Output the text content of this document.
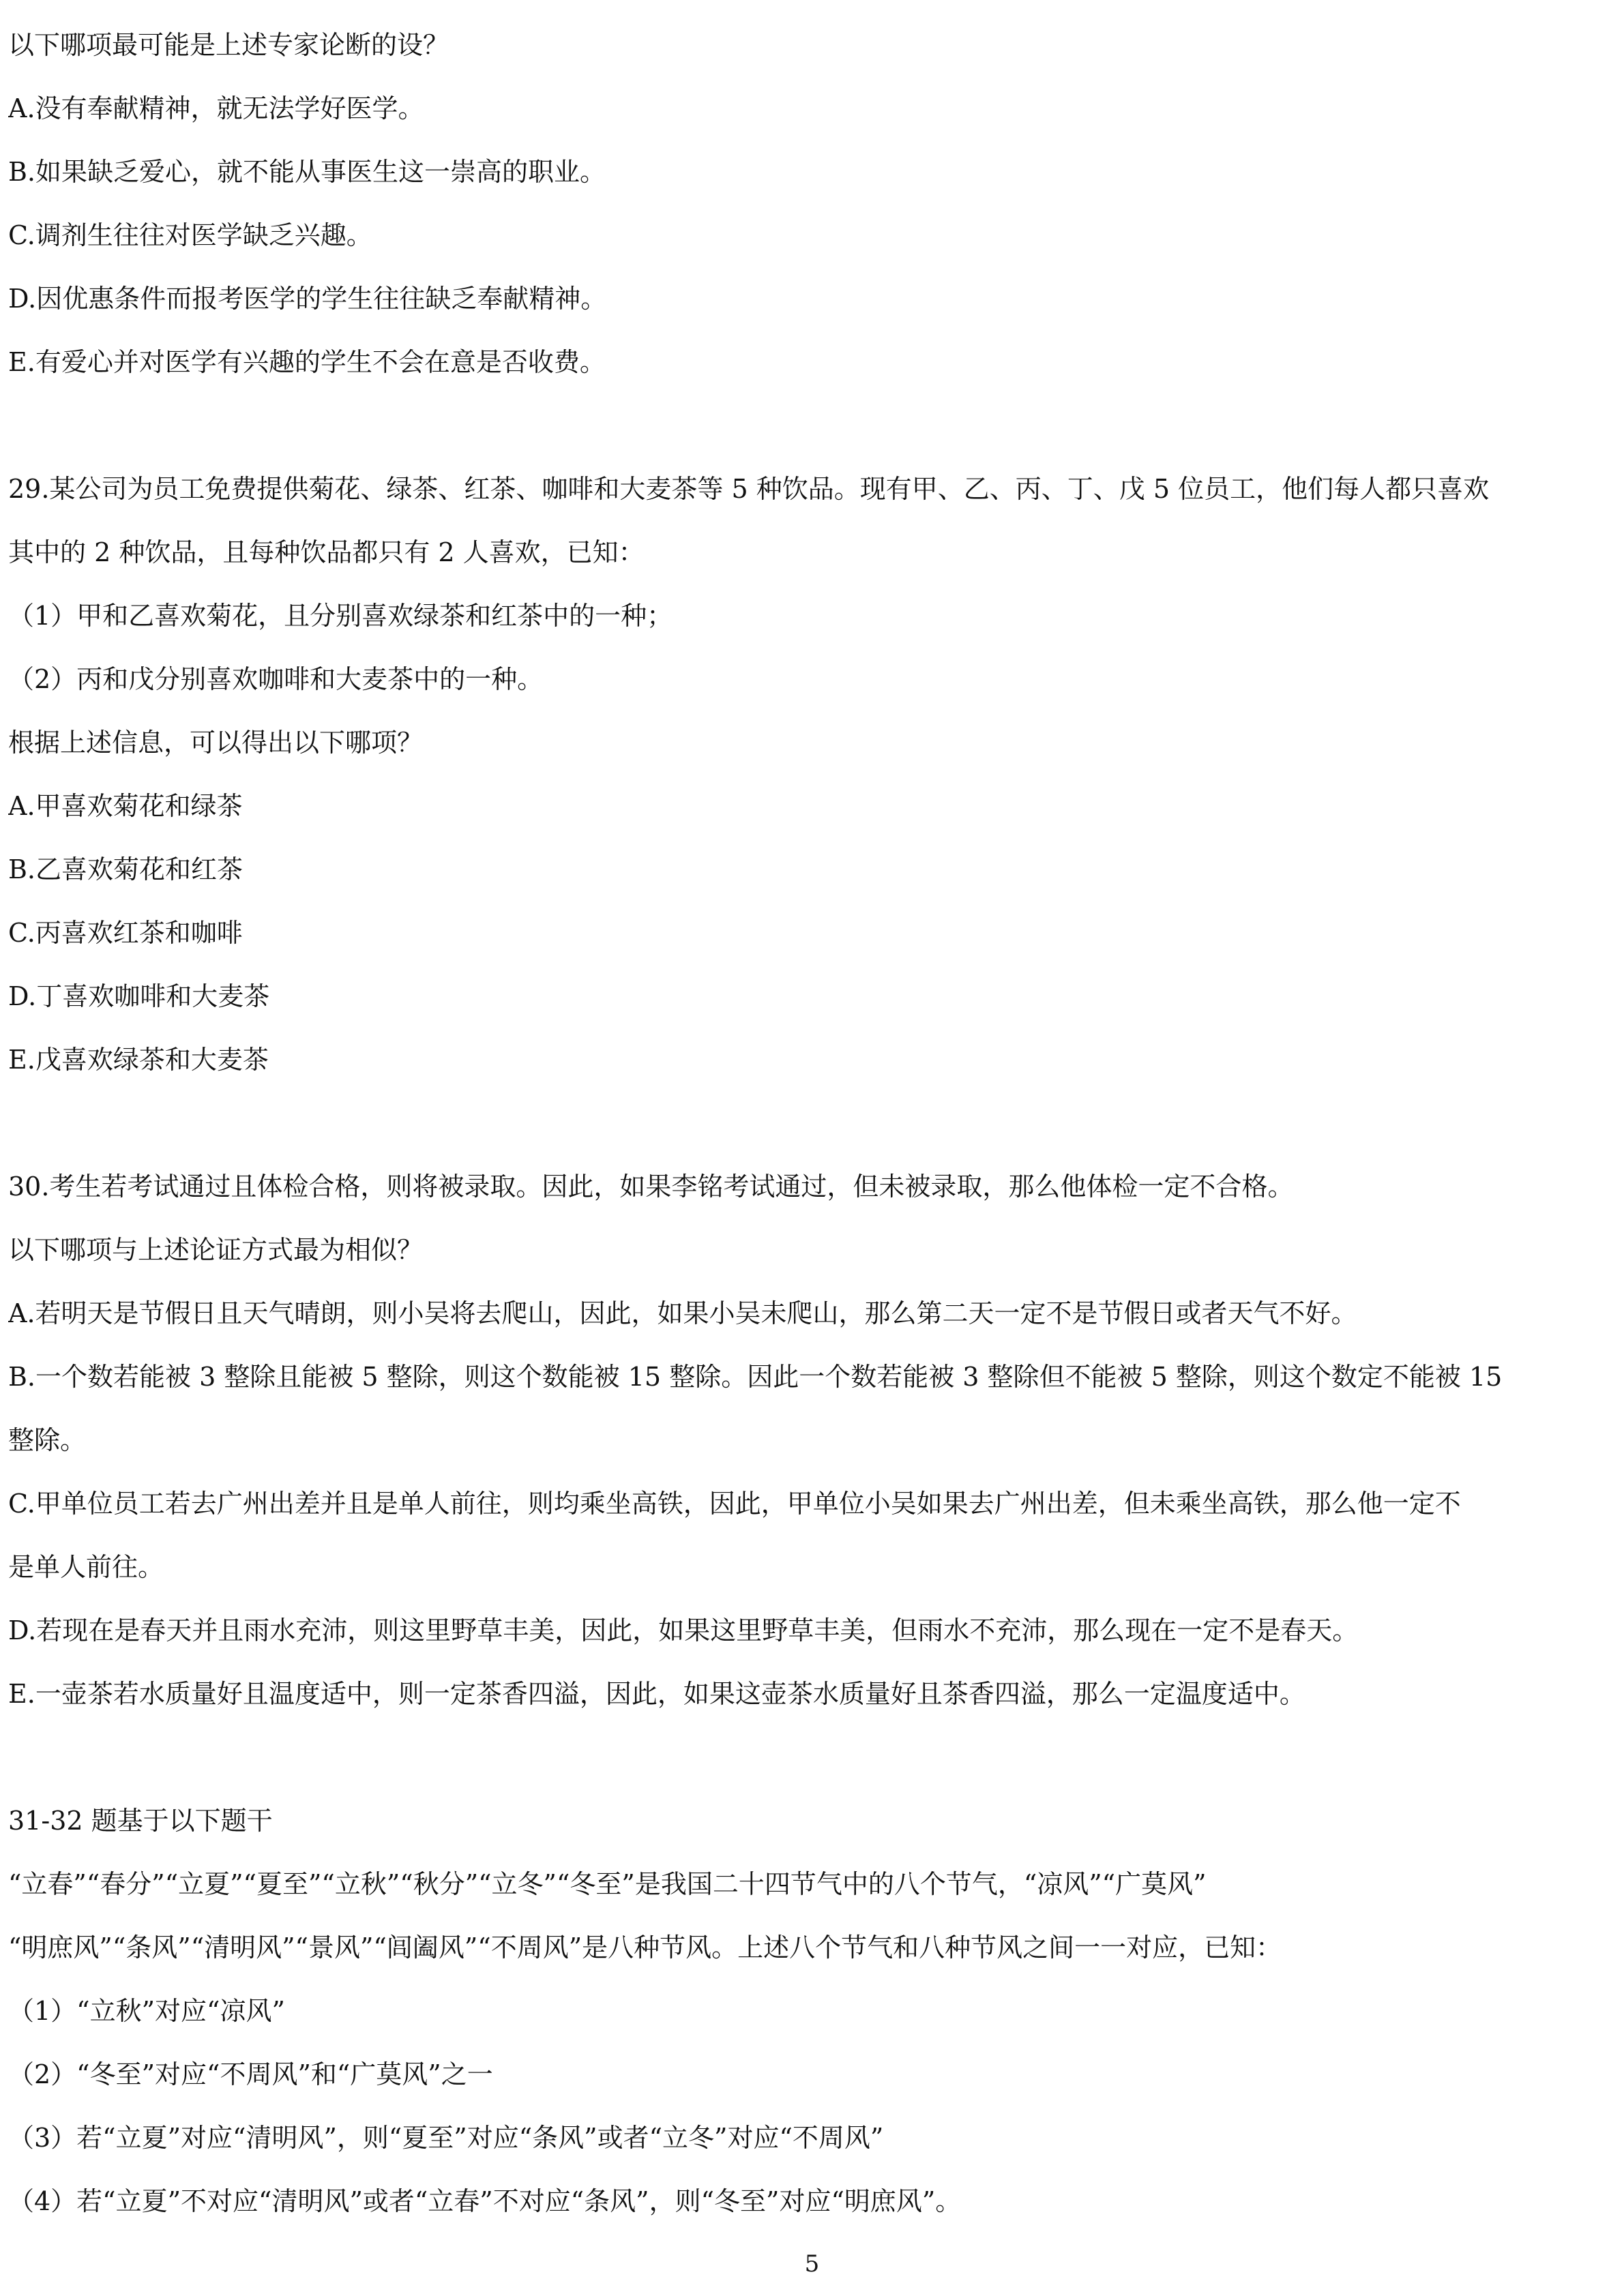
以下哪项最可能是上述专家论断的设？
A.没有奉献精神，就无法学好医学。
B.如果缺乏爱心，就不能从事医生这一崇高的职业。
C.调剂生往往对医学缺乏兴趣。
D.因优惠条件而报考医学的学生往往缺乏奉献精神。
E.有爱心并对医学有兴趣的学生不会在意是否收费。
29.某公司为员工免费提供菊花、绿茶、红茶、咖啡和大麦茶等 5 种饮品。现有甲、乙、丙、丁、戊 5 位员工，他们每人都只喜欢
其中的 2 种饮品，且每种饮品都只有 2 人喜欢，已知：
（1）甲和乙喜欢菊花，且分别喜欢绿茶和红茶中的一种；
（2）丙和戊分别喜欢咖啡和大麦茶中的一种。
根据上述信息，可以得出以下哪项？
A.甲喜欢菊花和绿茶
B.乙喜欢菊花和红茶
C.丙喜欢红茶和咖啡
D.丁喜欢咖啡和大麦茶
E.戊喜欢绿茶和大麦茶
30.考生若考试通过且体检合格，则将被录取。因此，如果李铭考试通过，但未被录取，那么他体检一定不合格。
以下哪项与上述论证方式最为相似？
A.若明天是节假日且天气晴朗，则小吴将去爬山，因此，如果小吴未爬山，那么第二天一定不是节假日或者天气不好。
B.一个数若能被 3 整除且能被 5 整除，则这个数能被 15 整除。因此一个数若能被 3 整除但不能被 5 整除，则这个数定不能被 15
整除。
C.甲单位员工若去广州出差并且是单人前往，则均乘坐高铁，因此，甲单位小吴如果去广州出差，但未乘坐高铁，那么他一定不
是单人前往。
D.若现在是春天并且雨水充沛，则这里野草丰美，因此，如果这里野草丰美，但雨水不充沛，那么现在一定不是春天。
E.一壶茶若水质量好且温度适中，则一定茶香四溢，因此，如果这壶茶水质量好且茶香四溢，那么一定温度适中。
31-32 题基于以下题干
“立春”“春分”“立夏”“夏至”“立秋”“秋分”“立冬”“冬至”是我国二十四节气中的八个节气，“凉风”“广莫风”
“明庶风”“条风”“清明风”“景风”“闾阖风”“不周风”是八种节风。上述八个节气和八种节风之间一一对应，已知：
（1）“立秋”对应“凉风”
（2）“冬至”对应“不周风”和“广莫风”之一
（3）若“立夏”对应“清明风”，则“夏至”对应“条风”或者“立冬”对应“不周风”
（4）若“立夏”不对应“清明风”或者“立春”不对应“条风”，则“冬至”对应“明庶风”。
5
